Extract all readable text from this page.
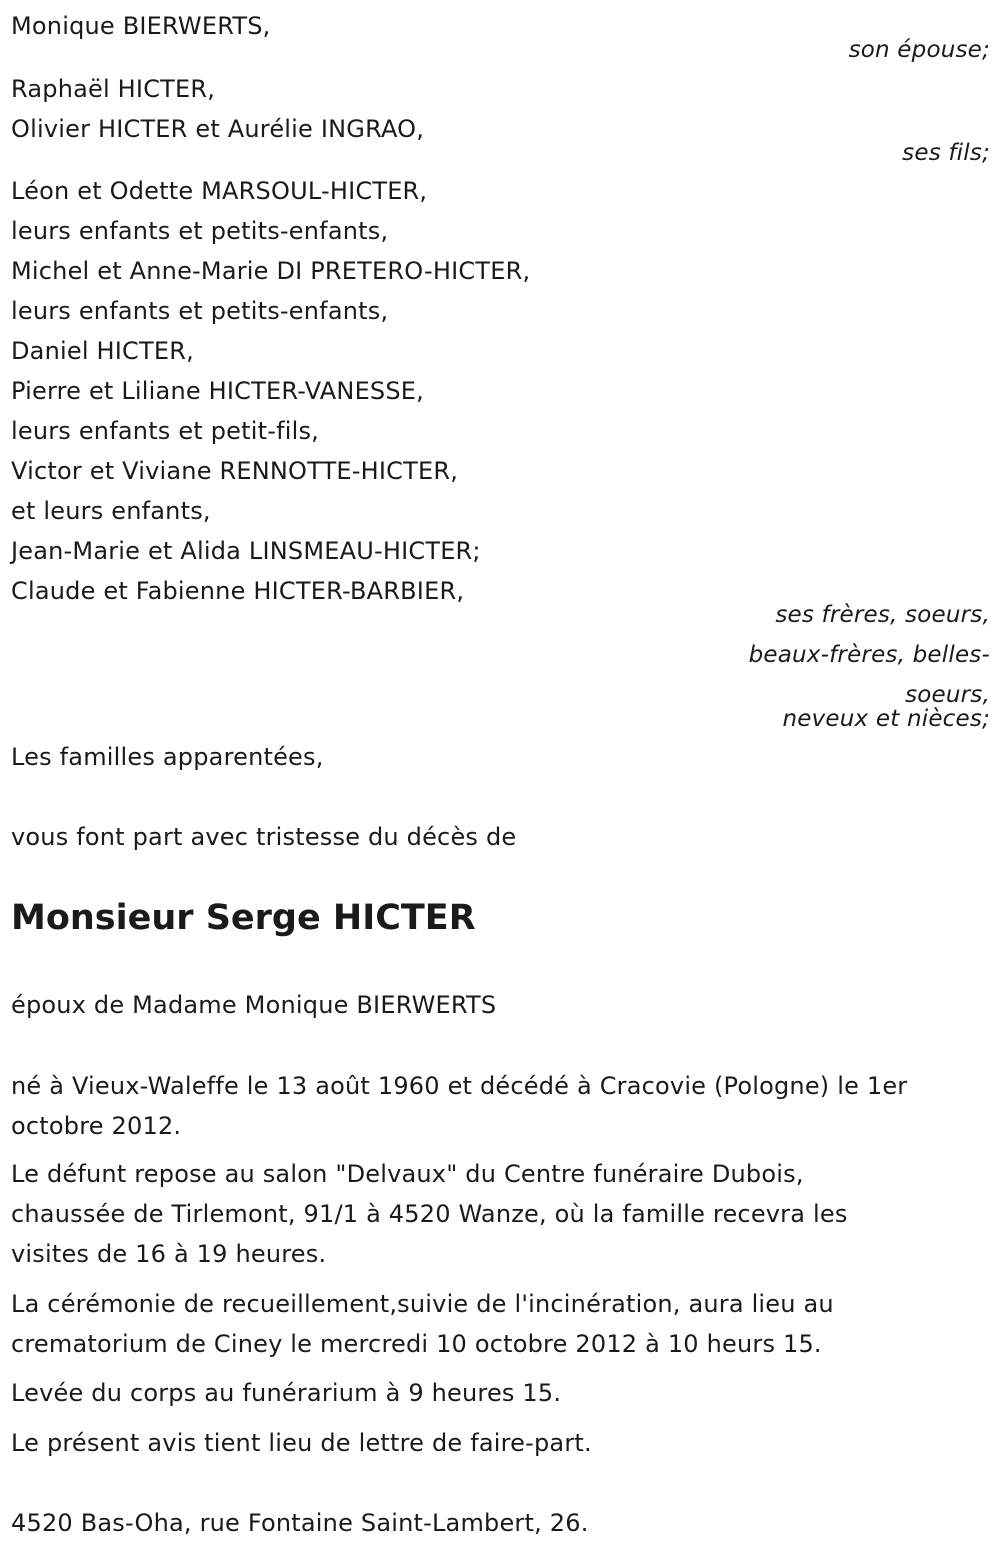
Monique BIERWERTS,
son épouse;
Raphaël HICTER,
Olivier HICTER et Aurélie INGRAO,
ses fils;
Léon et Odette MARSOUL-HICTER,
leurs enfants et petits-enfants,
Michel et Anne-Marie DI PRETERO-HICTER,
leurs enfants et petits-enfants,
Daniel HICTER,
Pierre et Liliane HICTER-VANESSE,
leurs enfants et petit-fils,
Victor et Viviane RENNOTTE-HICTER,
et leurs enfants,
Jean-Marie et Alida LINSMEAU-HICTER;
Claude et Fabienne HICTER-BARBIER,
ses frères, soeurs,
beaux-frères, belles-
soeurs,
neveux et nièces;
Les familles apparentées,
vous font part avec tristesse du décès de
Monsieur Serge HICTER
époux de Madame Monique BIERWERTS
né à Vieux-Waleffe le 13 août 1960 et décédé à Cracovie (Pologne) le 1er
octobre 2012.
Le défunt repose au salon "Delvaux" du Centre funéraire Dubois,
chaussée de Tirlemont, 91/1 à 4520 Wanze, où la famille recevra les
visites de 16 à 19 heures.
La cérémonie de recueillement,suivie de l'incinération, aura lieu au
crematorium de Ciney le mercredi 10 octobre 2012 à 10 heurs 15.
Levée du corps au funérarium à 9 heures 15.
Le présent avis tient lieu de lettre de faire-part.
4520 Bas-Oha, rue Fontaine Saint-Lambert, 26.
